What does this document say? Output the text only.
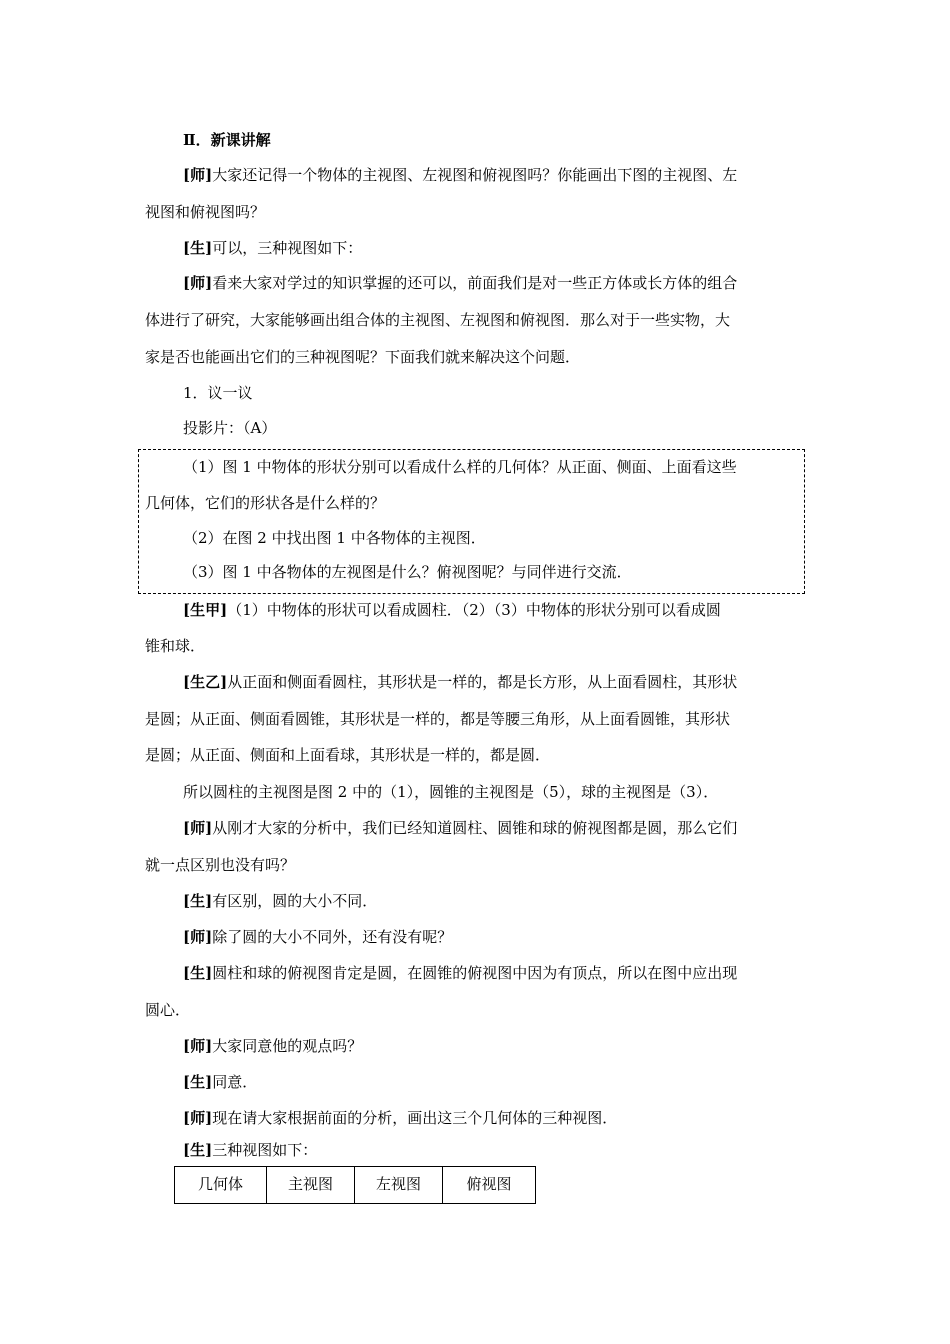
Ⅱ．新课讲解
[师]大家还记得一个物体的主视图、左视图和俯视图吗？你能画出下图的主视图、左
视图和俯视图吗？
[生]可以，三种视图如下：
[师]看来大家对学过的知识掌握的还可以，前面我们是对一些正方体或长方体的组合
体进行了研究，大家能够画出组合体的主视图、左视图和俯视图．那么对于一些实物，大
家是否也能画出它们的三种视图呢？下面我们就来解决这个问题．
1．议一议
投影片：（A）
（1）图 1 中物体的形状分别可以看成什么样的几何体？从正面、侧面、上面看这些
几何体，它们的形状各是什么样的？
（2）在图 2 中找出图 1 中各物体的主视图．
（3）图 1 中各物体的左视图是什么？俯视图呢？与同伴进行交流．
[生甲]（1）中物体的形状可以看成圆柱．（2）（3）中物体的形状分别可以看成圆
锥和球．
[生乙]从正面和侧面看圆柱，其形状是一样的，都是长方形，从上面看圆柱，其形状
是圆；从正面、侧面看圆锥，其形状是一样的，都是等腰三角形，从上面看圆锥，其形状
是圆；从正面、侧面和上面看球，其形状是一样的，都是圆．
所以圆柱的主视图是图 2 中的（1），圆锥的主视图是（5），球的主视图是（3）．
[师]从刚才大家的分析中，我们已经知道圆柱、圆锥和球的俯视图都是圆，那么它们
就一点区别也没有吗？
[生]有区别，圆的大小不同．
[师]除了圆的大小不同外，还有没有呢？
[生]圆柱和球的俯视图肯定是圆，在圆锥的俯视图中因为有顶点，所以在图中应出现
圆心．
[师]大家同意他的观点吗？
[生]同意．
[师]现在请大家根据前面的分析，画出这三个几何体的三种视图．
[生]三种视图如下：
几何体	主视图	左视图	俯视图
